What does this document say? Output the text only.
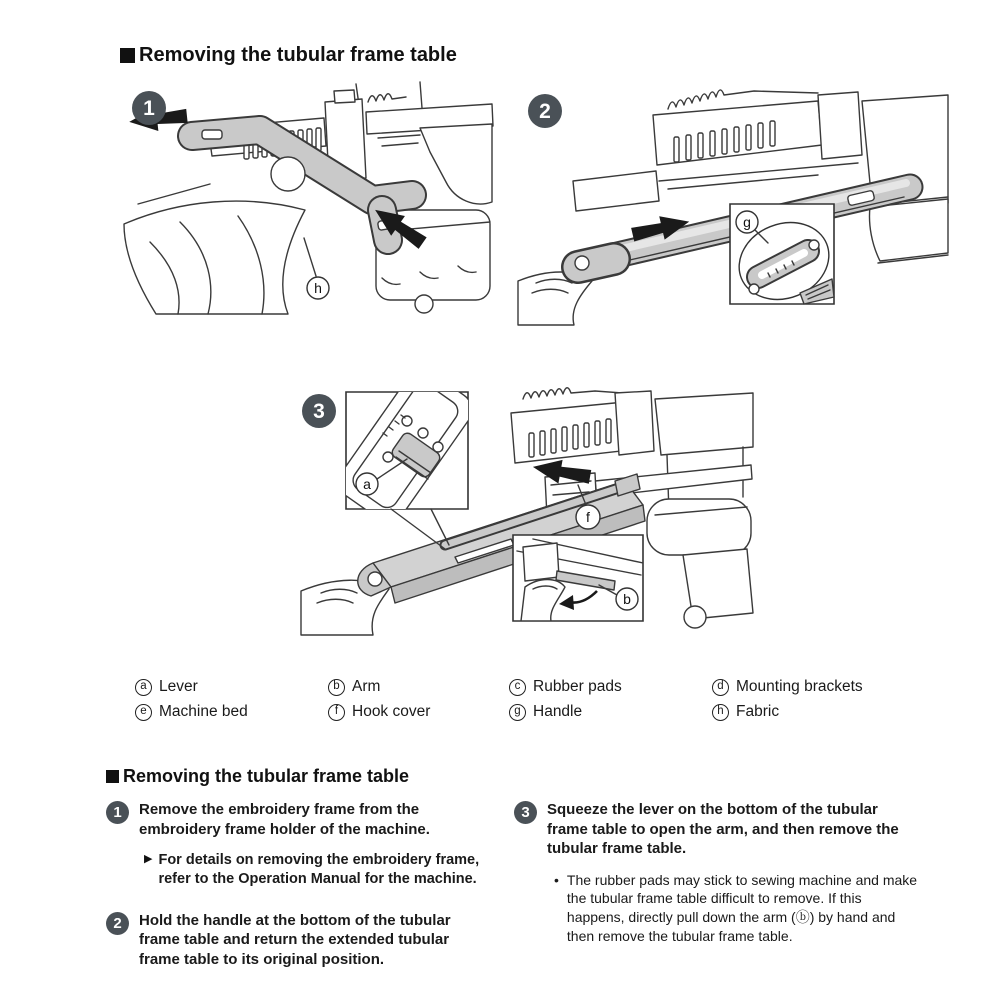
Removing the tubular frame table
1
h
g
2
f
a
b
3
a Lever	b Arm	c Rubber pads	d Mounting brackets
e Machine bed	f Hook cover	g Handle	h Fabric
Removing the tubular frame table
1	Remove the embroidery frame from the embroidery frame holder of the machine.
▶ For details on removing the embroidery frame, refer to the Operation Manual for the machine.
2	Hold the handle at the bottom of the tubular frame table and return the extended tubular frame table to its original position.
3	Squeeze the lever on the bottom of the tubular frame table to open the arm, and then remove the tubular frame table.
• The rubber pads may stick to sewing machine and make the tubular frame table difficult to remove. If this happens, directly pull down the arm (ⓑ) by hand and then remove the tubular frame table.
